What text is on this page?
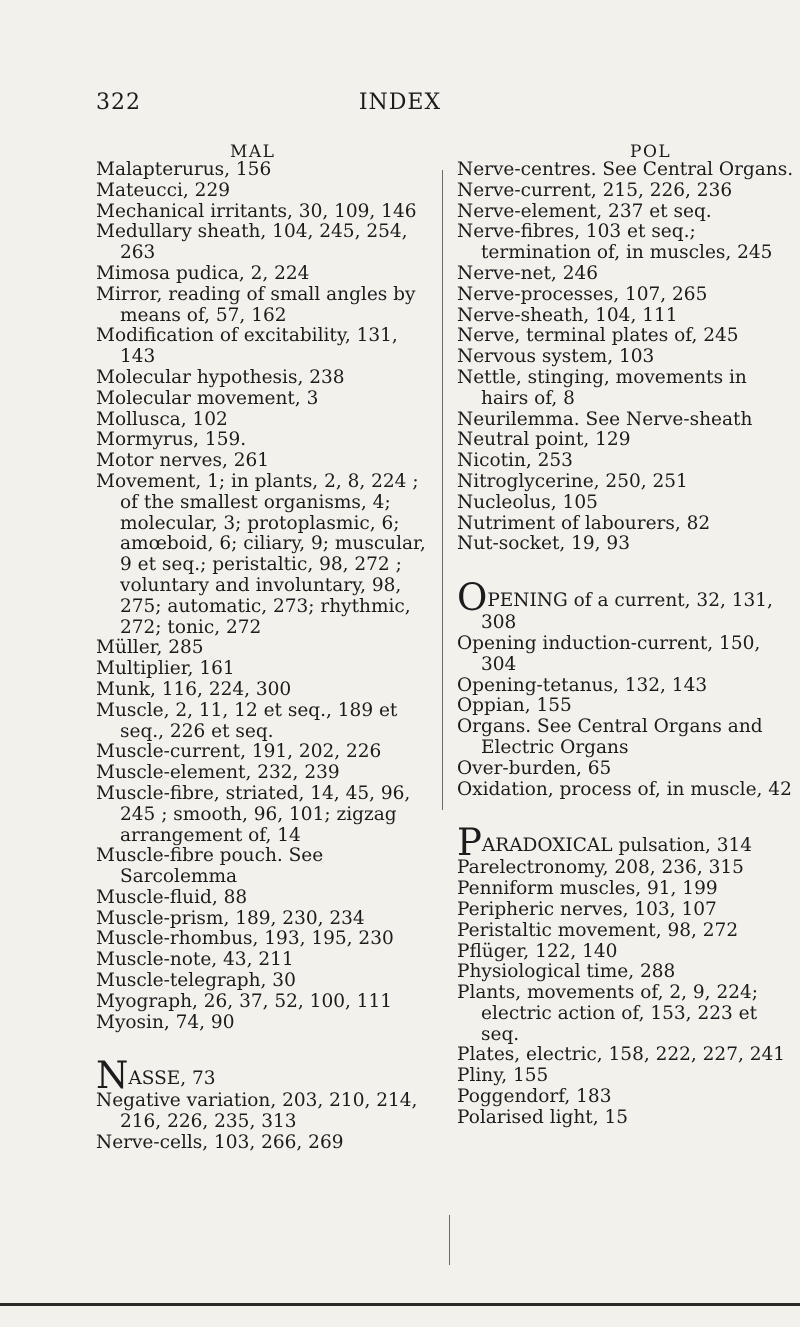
322	INDEX
MAL	POL
Malapterurus, 156
Mateucci, 229
Mechanical irritants, 30, 109, 146
Medullary sheath, 104, 245, 254, 263
Mimosa pudica, 2, 224
Mirror, reading of small angles by means of, 57, 162
Modification of excitability, 131, 143
Molecular hypothesis, 238
Molecular movement, 3
Mollusca, 102
Mormyrus, 159.
Motor nerves, 261
Movement, 1; in plants, 2, 8, 224 ; of the smallest organisms, 4; molecular, 3; protoplasmic, 6; amœboid, 6; ciliary, 9; muscular, 9 et seq.; peristaltic, 98, 272 ; voluntary and involuntary, 98, 275; automatic, 273; rhythmic, 272; tonic, 272
Müller, 285
Multiplier, 161
Munk, 116, 224, 300
Muscle, 2, 11, 12 et seq., 189 et seq., 226 et seq.
Muscle-current, 191, 202, 226
Muscle-element, 232, 239
Muscle-fibre, striated, 14, 45, 96, 245 ; smooth, 96, 101; zigzag arrangement of, 14
Muscle-fibre pouch. See Sarcolemma
Muscle-fluid, 88
Muscle-prism, 189, 230, 234
Muscle-rhombus, 193, 195, 230
Muscle-note, 43, 211
Muscle-telegraph, 30
Myograph, 26, 37, 52, 100, 111
Myosin, 74, 90
NASSE, 73
Negative variation, 203, 210, 214, 216, 226, 235, 313
Nerve-cells, 103, 266, 269
Nerve-centres. See Central Organs.
Nerve-current, 215, 226, 236
Nerve-element, 237 et seq.
Nerve-fibres, 103 et seq.; termination of, in muscles, 245
Nerve-net, 246
Nerve-processes, 107, 265
Nerve-sheath, 104, 111
Nerve, terminal plates of, 245
Nervous system, 103
Nettle, stinging, movements in hairs of, 8
Neurilemma. See Nerve-sheath
Neutral point, 129
Nicotin, 253
Nitroglycerine, 250, 251
Nucleolus, 105
Nutriment of labourers, 82
Nut-socket, 19, 93
OPENING of a current, 32, 131, 308
Opening induction-current, 150, 304
Opening-tetanus, 132, 143
Oppian, 155
Organs. See Central Organs and Electric Organs
Over-burden, 65
Oxidation, process of, in muscle, 42
PARADOXICAL pulsation, 314
Parelectronomy, 208, 236, 315
Penniform muscles, 91, 199
Peripheric nerves, 103, 107
Peristaltic movement, 98, 272
Pflüger, 122, 140
Physiological time, 288
Plants, movements of, 2, 9, 224; electric action of, 153, 223 et seq.
Plates, electric, 158, 222, 227, 241
Pliny, 155
Poggendorf, 183
Polarised light, 15
